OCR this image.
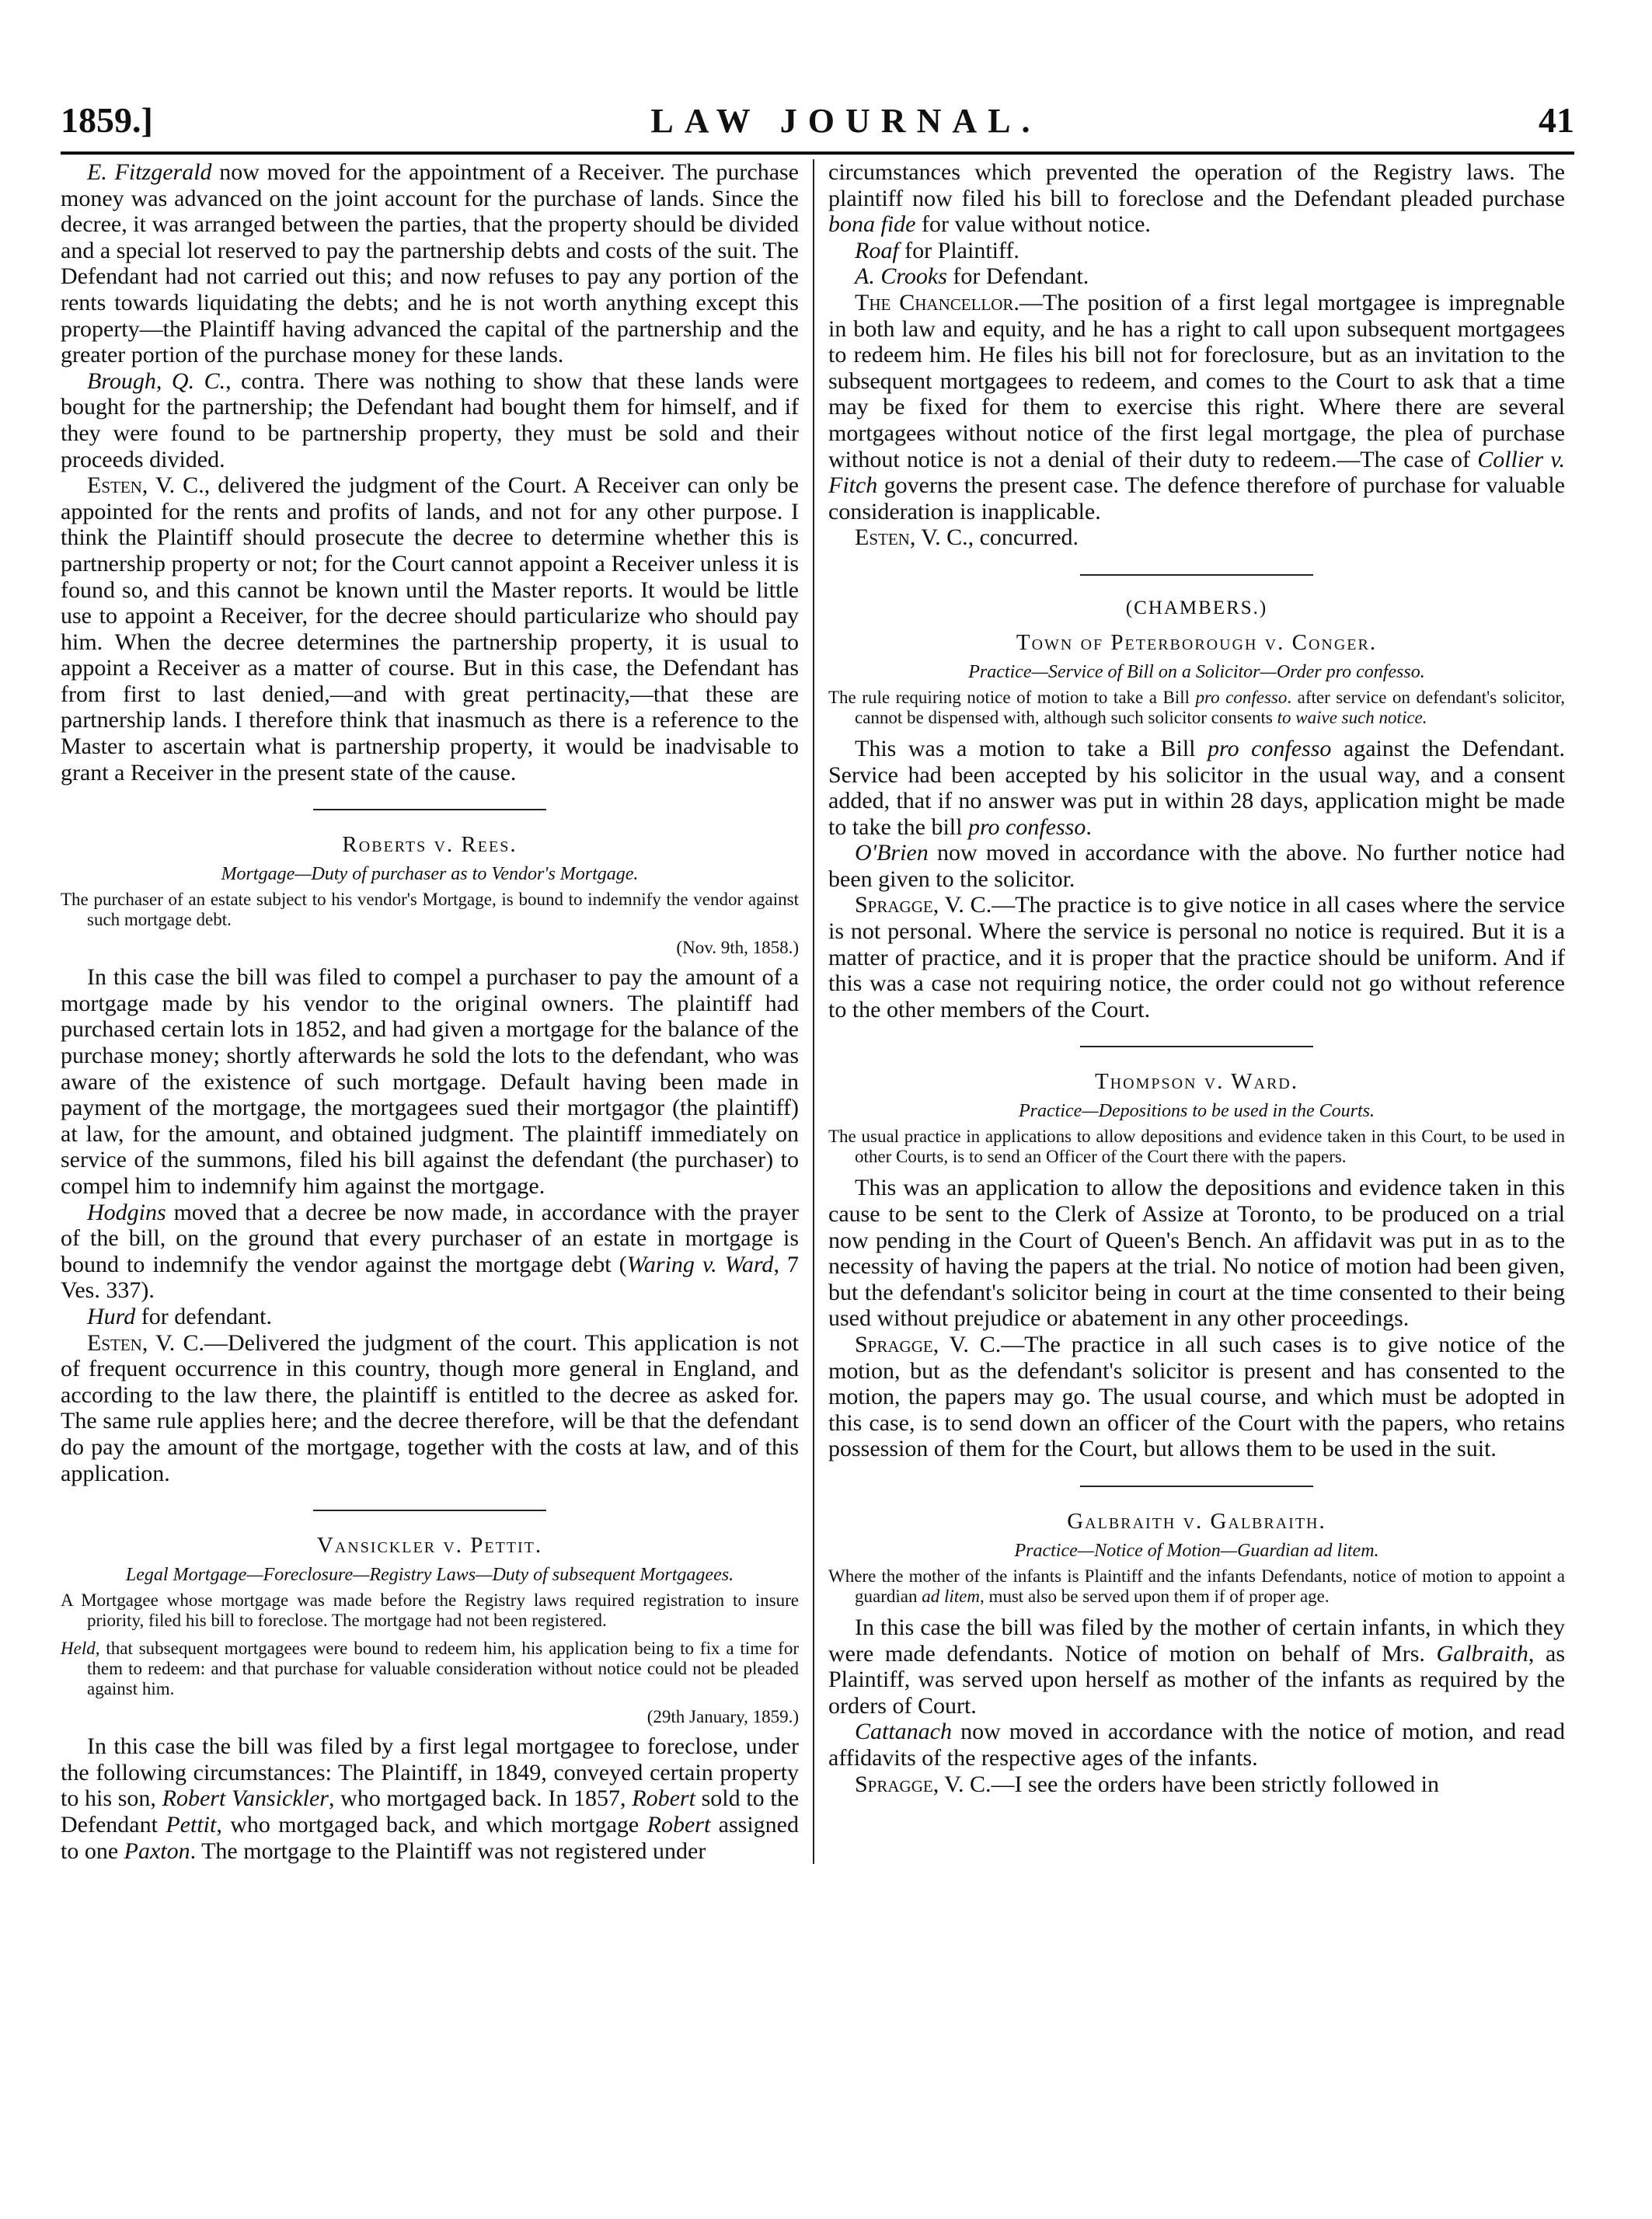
1859.]	LAW JOURNAL.	41

E. Fitzgerald now moved for the appointment of a Receiver. The purchase money was advanced on the joint account for the purchase of lands. Since the decree, it was arranged between the parties, that the property should be divided and a special lot reserved to pay the partnership debts and costs of the suit. The Defendant had not carried out this; and now refuses to pay any portion of the rents towards liquidating the debts; and he is not worth anything except this property—the Plaintiff having advanced the capital of the partnership and the greater portion of the purchase money for these lands.

Brough, Q. C., contra. There was nothing to show that these lands were bought for the partnership; the Defendant had bought them for himself, and if they were found to be partnership property, they must be sold and their proceeds divided.

Esten, V. C., delivered the judgment of the Court. A Receiver can only be appointed for the rents and profits of lands, and not for any other purpose. I think the Plaintiff should prosecute the decree to determine whether this is partnership property or not; for the Court cannot appoint a Receiver unless it is found so, and this cannot be known until the Master reports. It would be little use to appoint a Receiver, for the decree should particularize who should pay him. When the decree determines the partnership property, it is usual to appoint a Receiver as a matter of course. But in this case, the Defendant has from first to last denied,—and with great pertinacity,—that these are partnership lands. I therefore think that inasmuch as there is a reference to the Master to ascertain what is partnership property, it would be inadvisable to grant a Receiver in the present state of the cause.

Roberts v. Rees.
Mortgage—Duty of purchaser as to Vendor's Mortgage.
The purchaser of an estate subject to his vendor's Mortgage, is bound to indemnify the vendor against such mortgage debt.
(Nov. 9th, 1858.)

In this case the bill was filed to compel a purchaser to pay the amount of a mortgage made by his vendor to the original owners. The plaintiff had purchased certain lots in 1852, and had given a mortgage for the balance of the purchase money; shortly afterwards he sold the lots to the defendant, who was aware of the existence of such mortgage. Default having been made in payment of the mortgage, the mortgagees sued their mortgagor (the plaintiff) at law, for the amount, and obtained judgment. The plaintiff immediately on service of the summons, filed his bill against the defendant (the purchaser) to compel him to indemnify him against the mortgage.

Hodgins moved that a decree be now made, in accordance with the prayer of the bill, on the ground that every purchaser of an estate in mortgage is bound to indemnify the vendor against the mortgage debt (Waring v. Ward, 7 Ves. 337).

Hurd for defendant.

Esten, V. C.—Delivered the judgment of the court. This application is not of frequent occurrence in this country, though more general in England, and according to the law there, the plaintiff is entitled to the decree as asked for. The same rule applies here; and the decree therefore, will be that the defendant do pay the amount of the mortgage, together with the costs at law, and of this application.

Vansickler v. Pettit.
Legal Mortgage—Foreclosure—Registry Laws—Duty of subsequent Mortgagees.
A Mortgagee whose mortgage was made before the Registry laws required registration to insure priority, filed his bill to foreclose. The mortgage had not been registered.
Held, that subsequent mortgagees were bound to redeem him, his application being to fix a time for them to redeem: and that purchase for valuable consideration without notice could not be pleaded against him.
(29th January, 1859.)

In this case the bill was filed by a first legal mortgagee to foreclose, under the following circumstances: The Plaintiff, in 1849, conveyed certain property to his son, Robert Vansickler, who mortgaged back. In 1857, Robert sold to the Defendant Pettit, who mortgaged back, and which mortgage Robert assigned to one Paxton. The mortgage to the Plaintiff was not registered under

circumstances which prevented the operation of the Registry laws. The plaintiff now filed his bill to foreclose and the Defendant pleaded purchase bona fide for value without notice.

Roaf for Plaintiff.

A. Crooks for Defendant.

The Chancellor.—The position of a first legal mortgagee is impregnable in both law and equity, and he has a right to call upon subsequent mortgagees to redeem him. He files his bill not for foreclosure, but as an invitation to the subsequent mortgagees to redeem, and comes to the Court to ask that a time may be fixed for them to exercise this right. Where there are several mortgagees without notice of the first legal mortgage, the plea of purchase without notice is not a denial of their duty to redeem.—The case of Collier v. Fitch governs the present case. The defence therefore of purchase for valuable consideration is inapplicable.

Esten, V. C., concurred.

(CHAMBERS.)
Town of Peterborough v. Conger.
Practice—Service of Bill on a Solicitor—Order pro confesso.
The rule requiring notice of motion to take a Bill pro confesso. after service on defendant's solicitor, cannot be dispensed with, although such solicitor consents to waive such notice.

This was a motion to take a Bill pro confesso against the Defendant. Service had been accepted by his solicitor in the usual way, and a consent added, that if no answer was put in within 28 days, application might be made to take the bill pro confesso.

O'Brien now moved in accordance with the above. No further notice had been given to the solicitor.

Spragge, V. C.—The practice is to give notice in all cases where the service is not personal. Where the service is personal no notice is required. But it is a matter of practice, and it is proper that the practice should be uniform. And if this was a case not requiring notice, the order could not go without reference to the other members of the Court.

Thompson v. Ward.
Practice—Depositions to be used in the Courts.
The usual practice in applications to allow depositions and evidence taken in this Court, to be used in other Courts, is to send an Officer of the Court there with the papers.

This was an application to allow the depositions and evidence taken in this cause to be sent to the Clerk of Assize at Toronto, to be produced on a trial now pending in the Court of Queen's Bench. An affidavit was put in as to the necessity of having the papers at the trial. No notice of motion had been given, but the defendant's solicitor being in court at the time consented to their being used without prejudice or abatement in any other proceedings.

Spragge, V. C.—The practice in all such cases is to give notice of the motion, but as the defendant's solicitor is present and has consented to the motion, the papers may go. The usual course, and which must be adopted in this case, is to send down an officer of the Court with the papers, who retains possession of them for the Court, but allows them to be used in the suit.

Galbraith v. Galbraith.
Practice—Notice of Motion—Guardian ad litem.
Where the mother of the infants is Plaintiff and the infants Defendants, notice of motion to appoint a guardian ad litem, must also be served upon them if of proper age.

In this case the bill was filed by the mother of certain infants, in which they were made defendants. Notice of motion on behalf of Mrs. Galbraith, as Plaintiff, was served upon herself as mother of the infants as required by the orders of Court.

Cattanach now moved in accordance with the notice of motion, and read affidavits of the respective ages of the infants.

Spragge, V. C.—I see the orders have been strictly followed in
